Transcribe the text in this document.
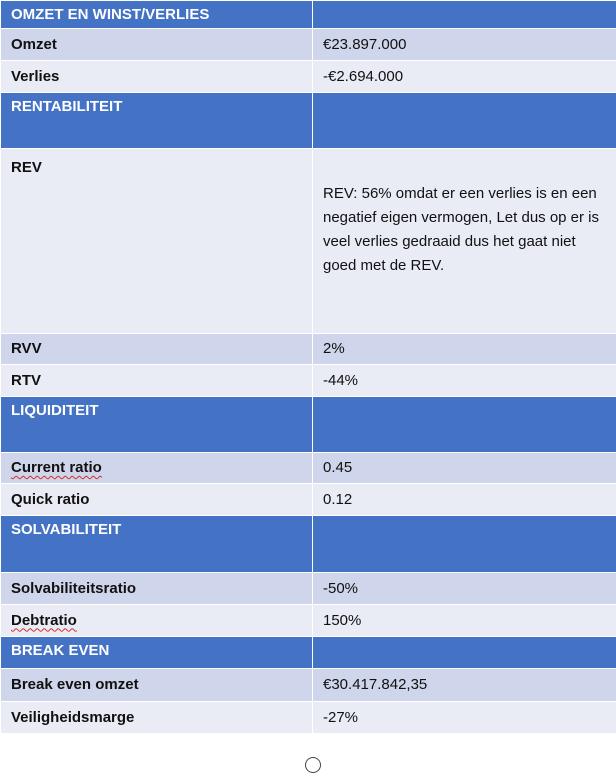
OMZET EN WINST/VERLIES	
Omzet	€23.897.000
Verlies	-€2.694.000
RENTABILITEIT	
REV	REV: 56% omdat er een verlies is en een negatief eigen vermogen, Let dus op er is veel verlies gedraaid dus het gaat niet goed met de REV.
RVV	2%
RTV	-44%
LIQUIDITEIT	
Current ratio	0.45
Quick ratio	0.12
SOLVABILITEIT	
Solvabiliteitsratio	-50%
Debtratio	150%
BREAK EVEN	
Break even omzet	€30.417.842,35
Veiligheidsmarge	-27%
